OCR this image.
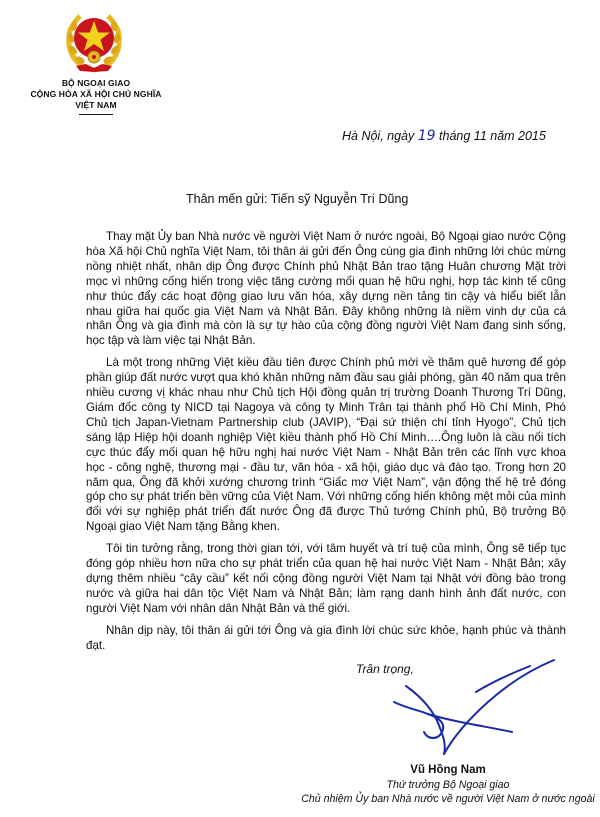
BỘ NGOẠI GIAO
CỘNG HÒA XÃ HỘI CHỦ NGHĨA VIỆT NAM
Hà Nội, ngày 19 tháng 11 năm 2015
Thân mến gửi: Tiến sỹ Nguyễn Trí Dũng

Thay mặt Ủy ban Nhà nước về người Việt Nam ở nước ngoài, Bộ Ngoại giao nước Cộng hòa Xã hội Chủ nghĩa Việt Nam, tôi thân ái gửi đến Ông cùng gia đình những lời chúc mừng nồng nhiệt nhất, nhân dịp Ông được Chính phủ Nhật Bản trao tặng Huân chương Mặt trời mọc vì những cống hiến trong việc tăng cường mối quan hệ hữu nghị, hợp tác kinh tế cũng như thúc đẩy các hoạt động giao lưu văn hóa, xây dựng nền tảng tin cậy và hiểu biết lẫn nhau giữa hai quốc gia Việt Nam và Nhật Bản. Đây không những là niềm vinh dự của cá nhân Ông và gia đình mà còn là sự tự hào của cộng đồng người Việt Nam đang sinh sống, học tập và làm việc tại Nhật Bản.

Là một trong những Việt kiều đầu tiên được Chính phủ mời về thăm quê hương để góp phần giúp đất nước vượt qua khó khăn những năm đầu sau giải phóng, gần 40 năm qua trên nhiều cương vị khác nhau như Chủ tịch Hội đồng quản trị trường Doanh Thương Trí Dũng, Giám đốc công ty NICD tại Nagoya và công ty Minh Trân tại thành phố Hồ Chí Minh, Phó Chủ tịch Japan-Vietnam Partnership club (JAVIP), “Đại sứ thiện chí tỉnh Hyogo”, Chủ tịch sáng lập Hiệp hội doanh nghiệp Việt kiều thành phố Hồ Chí Minh….Ông luôn là cầu nối tích cực thúc đẩy mối quan hệ hữu nghị hai nước Việt Nam - Nhật Bản trên các lĩnh vực khoa học - công nghệ, thương mại - đầu tư, văn hóa - xã hội, giáo dục và đào tạo. Trong hơn 20 năm qua, Ông đã khởi xướng chương trình “Giấc mơ Việt Nam”, vận động thế hệ trẻ đóng góp cho sự phát triển bền vững của Việt Nam. Với những cống hiến không mệt mỏi của mình đối với sự nghiệp phát triển đất nước Ông đã được Thủ tướng Chính phủ, Bộ trưởng Bộ Ngoại giao Việt Nam tặng Bằng khen.

Tôi tin tưởng rằng, trong thời gian tới, với tâm huyết và trí tuệ của mình, Ông sẽ tiếp tục đóng góp nhiều hơn nữa cho sự phát triển của quan hệ hai nước Việt Nam - Nhật Bản; xây dựng thêm nhiều “cây cầu” kết nối cộng đồng người Việt Nam tại Nhật với đồng bào trong nước và giữa hai dân tộc Việt Nam và Nhật Bản; làm rạng danh hình ảnh đất nước, con người Việt Nam với nhân dân Nhật Bản và thế giới.

Nhân dịp này, tôi thân ái gửi tới Ông và gia đình lời chúc sức khỏe, hạnh phúc và thành đạt.

Trân trọng,
Vũ Hồng Nam
Thứ trưởng Bộ Ngoại giao
Chủ nhiệm Ủy ban Nhà nước về người Việt Nam ở nước ngoài
